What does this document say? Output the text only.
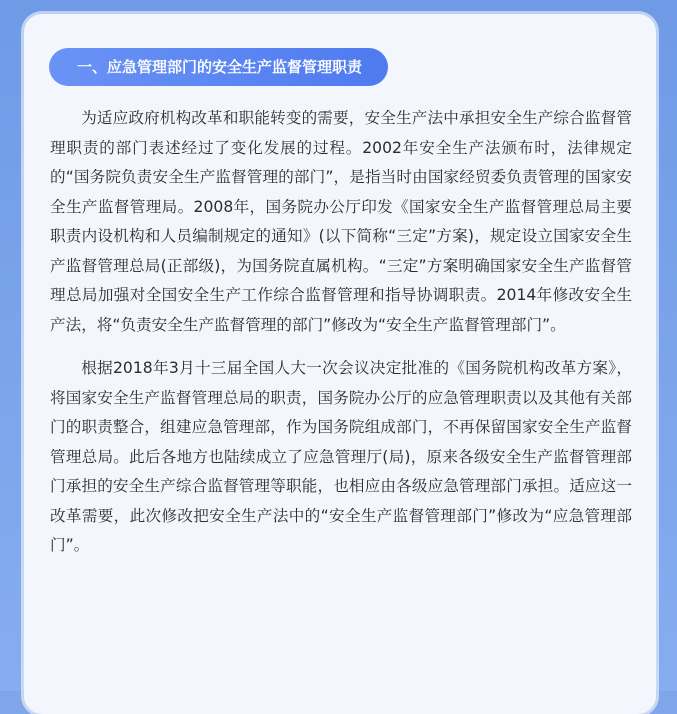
一、应急管理部门的安全生产监督管理职责

为适应政府机构改革和职能转变的需要，安全生产法中承担安全生产综合监督管理职责的部门表述经过了变化发展的过程。2002年安全生产法颁布时，法律规定的“国务院负责安全生产监督管理的部门”，是指当时由国家经贸委负责管理的国家安全生产监督管理局。2008年，国务院办公厅印发《国家安全生产监督管理总局主要职责内设机构和人员编制规定的通知》(以下简称“三定”方案)，规定设立国家安全生产监督管理总局(正部级)，为国务院直属机构。“三定”方案明确国家安全生产监督管理总局加强对全国安全生产工作综合监督管理和指导协调职责。2014年修改安全生产法，将“负责安全生产监督管理的部门”修改为“安全生产监督管理部门”。

根据2018年3月十三届全国人大一次会议决定批准的《国务院机构改革方案》，将国家安全生产监督管理总局的职责，国务院办公厅的应急管理职责以及其他有关部门的职责整合，组建应急管理部，作为国务院组成部门，不再保留国家安全生产监督管理总局。此后各地方也陆续成立了应急管理厅(局)，原来各级安全生产监督管理部门承担的安全生产综合监督管理等职能，也相应由各级应急管理部门承担。适应这一改革需要，此次修改把安全生产法中的“安全生产监督管理部门”修改为“应急管理部门”。
